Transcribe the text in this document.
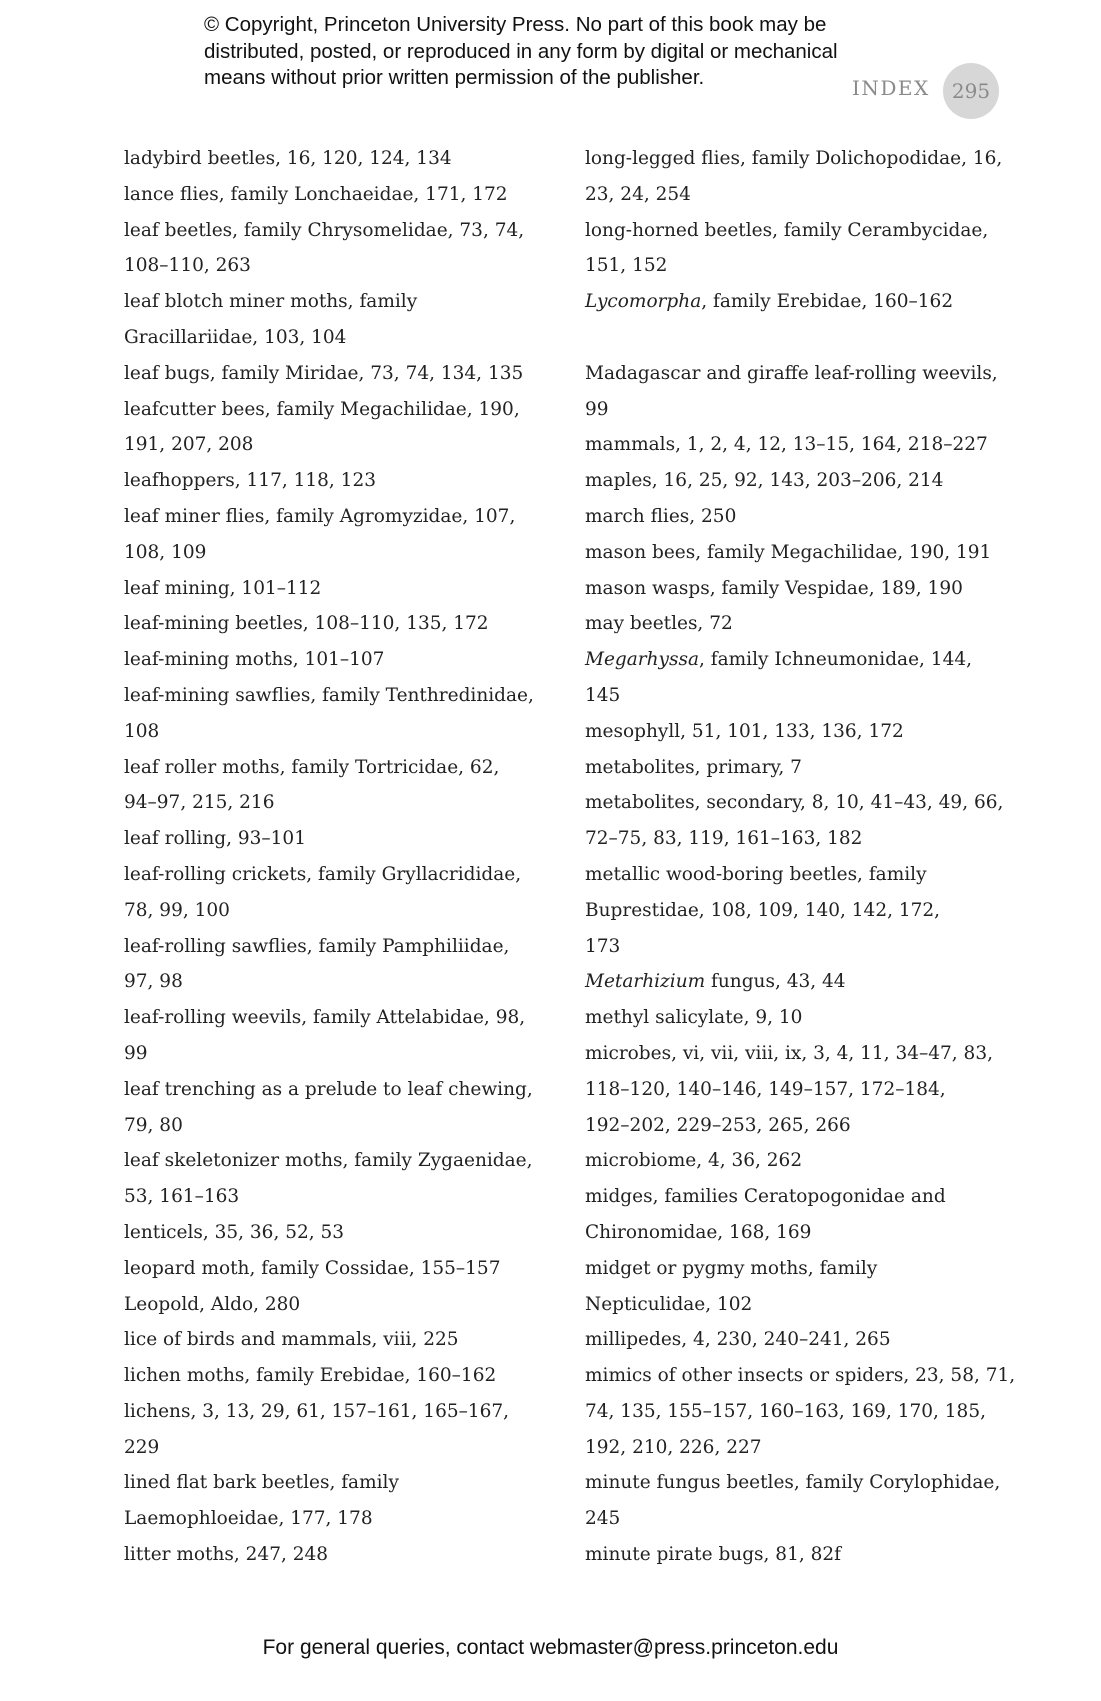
© Copyright, Princeton University Press. No part of this book may be
distributed, posted, or reproduced in any form by digital or mechanical
means without prior written permission of the publisher.	INDEX	295
ladybird beetles, 16, 120, 124, 134
lance flies, family Lonchaeidae, 171, 172
leaf beetles, family Chrysomelidae, 73, 74,
108–110, 263
leaf blotch miner moths, family
Gracillariidae, 103, 104
leaf bugs, family Miridae, 73, 74, 134, 135
leafcutter bees, family Megachilidae, 190,
191, 207, 208
leafhoppers, 117, 118, 123
leaf miner flies, family Agromyzidae, 107,
108, 109
leaf mining, 101–112
leaf-mining beetles, 108–110, 135, 172
leaf-mining moths, 101–107
leaf-mining sawflies, family Tenthredinidae,
108
leaf roller moths, family Tortricidae, 62,
94–97, 215, 216
leaf rolling, 93–101
leaf-rolling crickets, family Gryllacrididae,
78, 99, 100
leaf-rolling sawflies, family Pamphiliidae,
97, 98
leaf-rolling weevils, family Attelabidae, 98,
99
leaf trenching as a prelude to leaf chewing,
79, 80
leaf skeletonizer moths, family Zygaenidae,
53, 161–163
lenticels, 35, 36, 52, 53
leopard moth, family Cossidae, 155–157
Leopold, Aldo, 280
lice of birds and mammals, viii, 225
lichen moths, family Erebidae, 160–162
lichens, 3, 13, 29, 61, 157–161, 165–167,
229
lined flat bark beetles, family
Laemophloeidae, 177, 178
litter moths, 247, 248
long-legged flies, family Dolichopodidae, 16,
23, 24, 254
long-horned beetles, family Cerambycidae,
151, 152
Lycomorpha, family Erebidae, 160–162
Madagascar and giraffe leaf-rolling weevils,
99
mammals, 1, 2, 4, 12, 13–15, 164, 218–227
maples, 16, 25, 92, 143, 203–206, 214
march flies, 250
mason bees, family Megachilidae, 190, 191
mason wasps, family Vespidae, 189, 190
may beetles, 72
Megarhyssa, family Ichneumonidae, 144,
145
mesophyll, 51, 101, 133, 136, 172
metabolites, primary, 7
metabolites, secondary, 8, 10, 41–43, 49, 66,
72–75, 83, 119, 161–163, 182
metallic wood-boring beetles, family
Buprestidae, 108, 109, 140, 142, 172,
173
Metarhizium fungus, 43, 44
methyl salicylate, 9, 10
microbes, vi, vii, viii, ix, 3, 4, 11, 34–47, 83,
118–120, 140–146, 149–157, 172–184,
192–202, 229–253, 265, 266
microbiome, 4, 36, 262
midges, families Ceratopogonidae and
Chironomidae, 168, 169
midget or pygmy moths, family
Nepticulidae, 102
millipedes, 4, 230, 240–241, 265
mimics of other insects or spiders, 23, 58, 71,
74, 135, 155–157, 160–163, 169, 170, 185,
192, 210, 226, 227
minute fungus beetles, family Corylophidae,
245
minute pirate bugs, 81, 82f
For general queries, contact webmaster@press.princeton.edu
